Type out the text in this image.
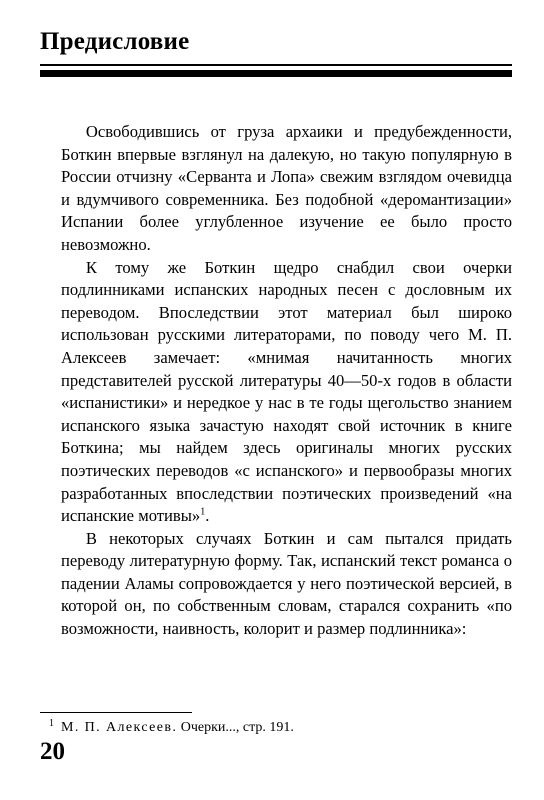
Предисловие

  Освободившись от груза архаики и предубежденности, Боткин впервые взглянул на далекую, но такую популярную в России отчизну «Серванта и Лопа» свежим взглядом очевидца и вдумчивого современника. Без подобной «деромантизации» Испании более углубленное изучение ее было просто невозможно.

  К тому же Боткин щедро снабдил свои очерки подлинниками испанских народных песен с дословным их переводом. Впоследствии этот материал был широко использован русскими литераторами, по поводу чего М. П. Алексеев замечает: «мнимая начитанность многих представителей русской литературы 40—50-х годов в области «испанистики» и нередкое у нас в те годы щегольство знанием испанского языка зачастую находят свой источник в книге Боткина; мы найдем здесь оригиналы многих русских поэтических переводов «с испанского» и первообразы многих разработанных впоследствии поэтических произведений «на испанские мотивы»$^1$.

  В некоторых случаях Боткин и сам пытался придать переводу литературную форму. Так, испанский текст романса о падении Аламы сопровождается у него поэтической версией, в которой он, по собственным словам, старался сохранить «по возможности, наивность, колорит и размер подлинника»:

1 М. П. Алексеев. Очерки..., стр. 191.
20
